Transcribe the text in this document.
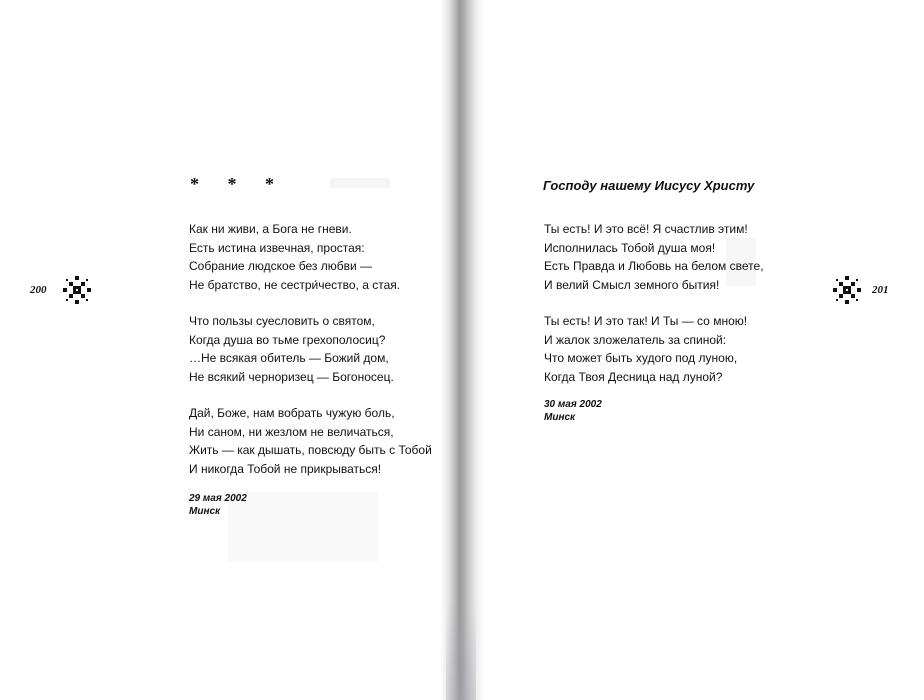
200
* * *
Как ни живи, а Бога не гневи.
Есть истина извечная, простая:
Собрание людское без любви —
Не братство, не сестри́чество, а стая.
Что пользы суесловить о святом,
Когда душа во тьме грехополосиц?
…Не всякая обитель — Божий дом,
Не всякий черноризец — Богоносец.
Дай, Боже, нам вобрать чужую боль,
Ни саном, ни жезлом не величаться,
Жить — как дышать, повсюду быть с Тобой
И никогда Тобой не прикрываться!
29 мая 2002
Минск
Господу нашему Иисусу Христу
Ты есть! И это всё! Я счастлив этим!
Исполнилась Тобой душа моя!
Есть Правда и Любовь на белом свете,
И велий Смысл земного бытия!
Ты есть! И это так! И Ты — со мною!
И жалок зложелатель за спиной:
Что может быть худого под луною,
Когда Твоя Десница над луной?
30 мая 2002
Минск
201
